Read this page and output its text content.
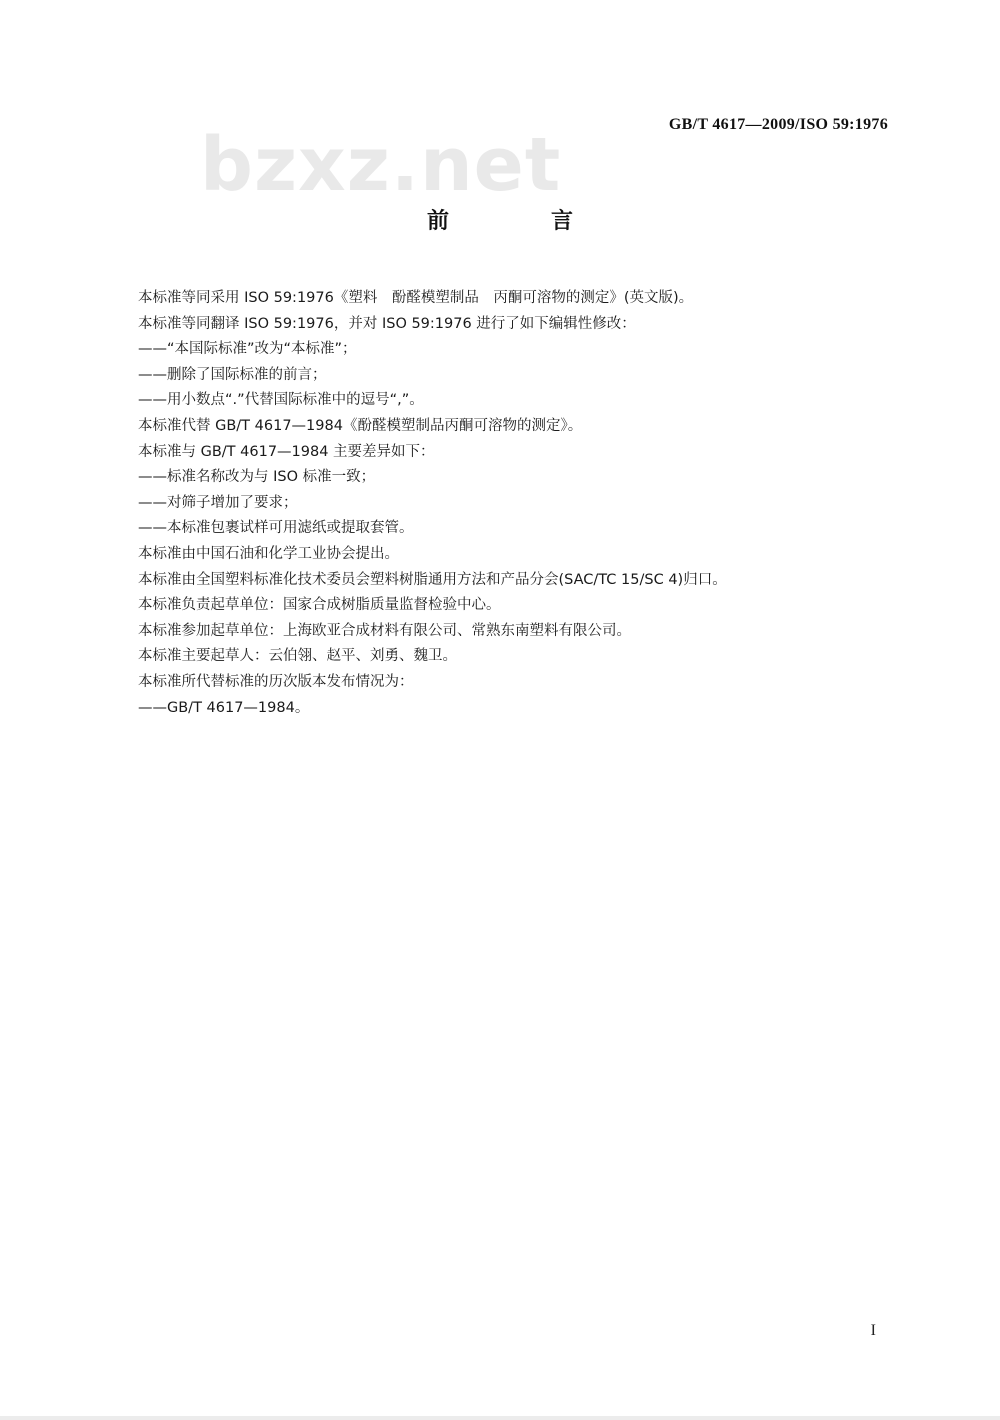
bzxz.net	GB/T 4617—2009/ISO 59:1976
前　言
本标准等同采用 ISO 59:1976《塑料　酚醛模塑制品　丙酮可溶物的测定》(英文版)。
本标准等同翻译 ISO 59:1976，并对 ISO 59:1976 进行了如下编辑性修改：
——“本国际标准”改为“本标准”；
——删除了国际标准的前言；
——用小数点“.”代替国际标准中的逗号“,”。
本标准代替 GB/T 4617—1984《酚醛模塑制品丙酮可溶物的测定》。
本标准与 GB/T 4617—1984 主要差异如下：
——标准名称改为与 ISO 标准一致；
——对筛子增加了要求；
——本标准包裹试样可用滤纸或提取套管。
本标准由中国石油和化学工业协会提出。
本标准由全国塑料标准化技术委员会塑料树脂通用方法和产品分会(SAC/TC 15/SC 4)归口。
本标准负责起草单位：国家合成树脂质量监督检验中心。
本标准参加起草单位：上海欧亚合成材料有限公司、常熟东南塑料有限公司。
本标准主要起草人：云伯翎、赵平、刘勇、魏卫。
本标准所代替标准的历次版本发布情况为：
——GB/T 4617—1984。
I
